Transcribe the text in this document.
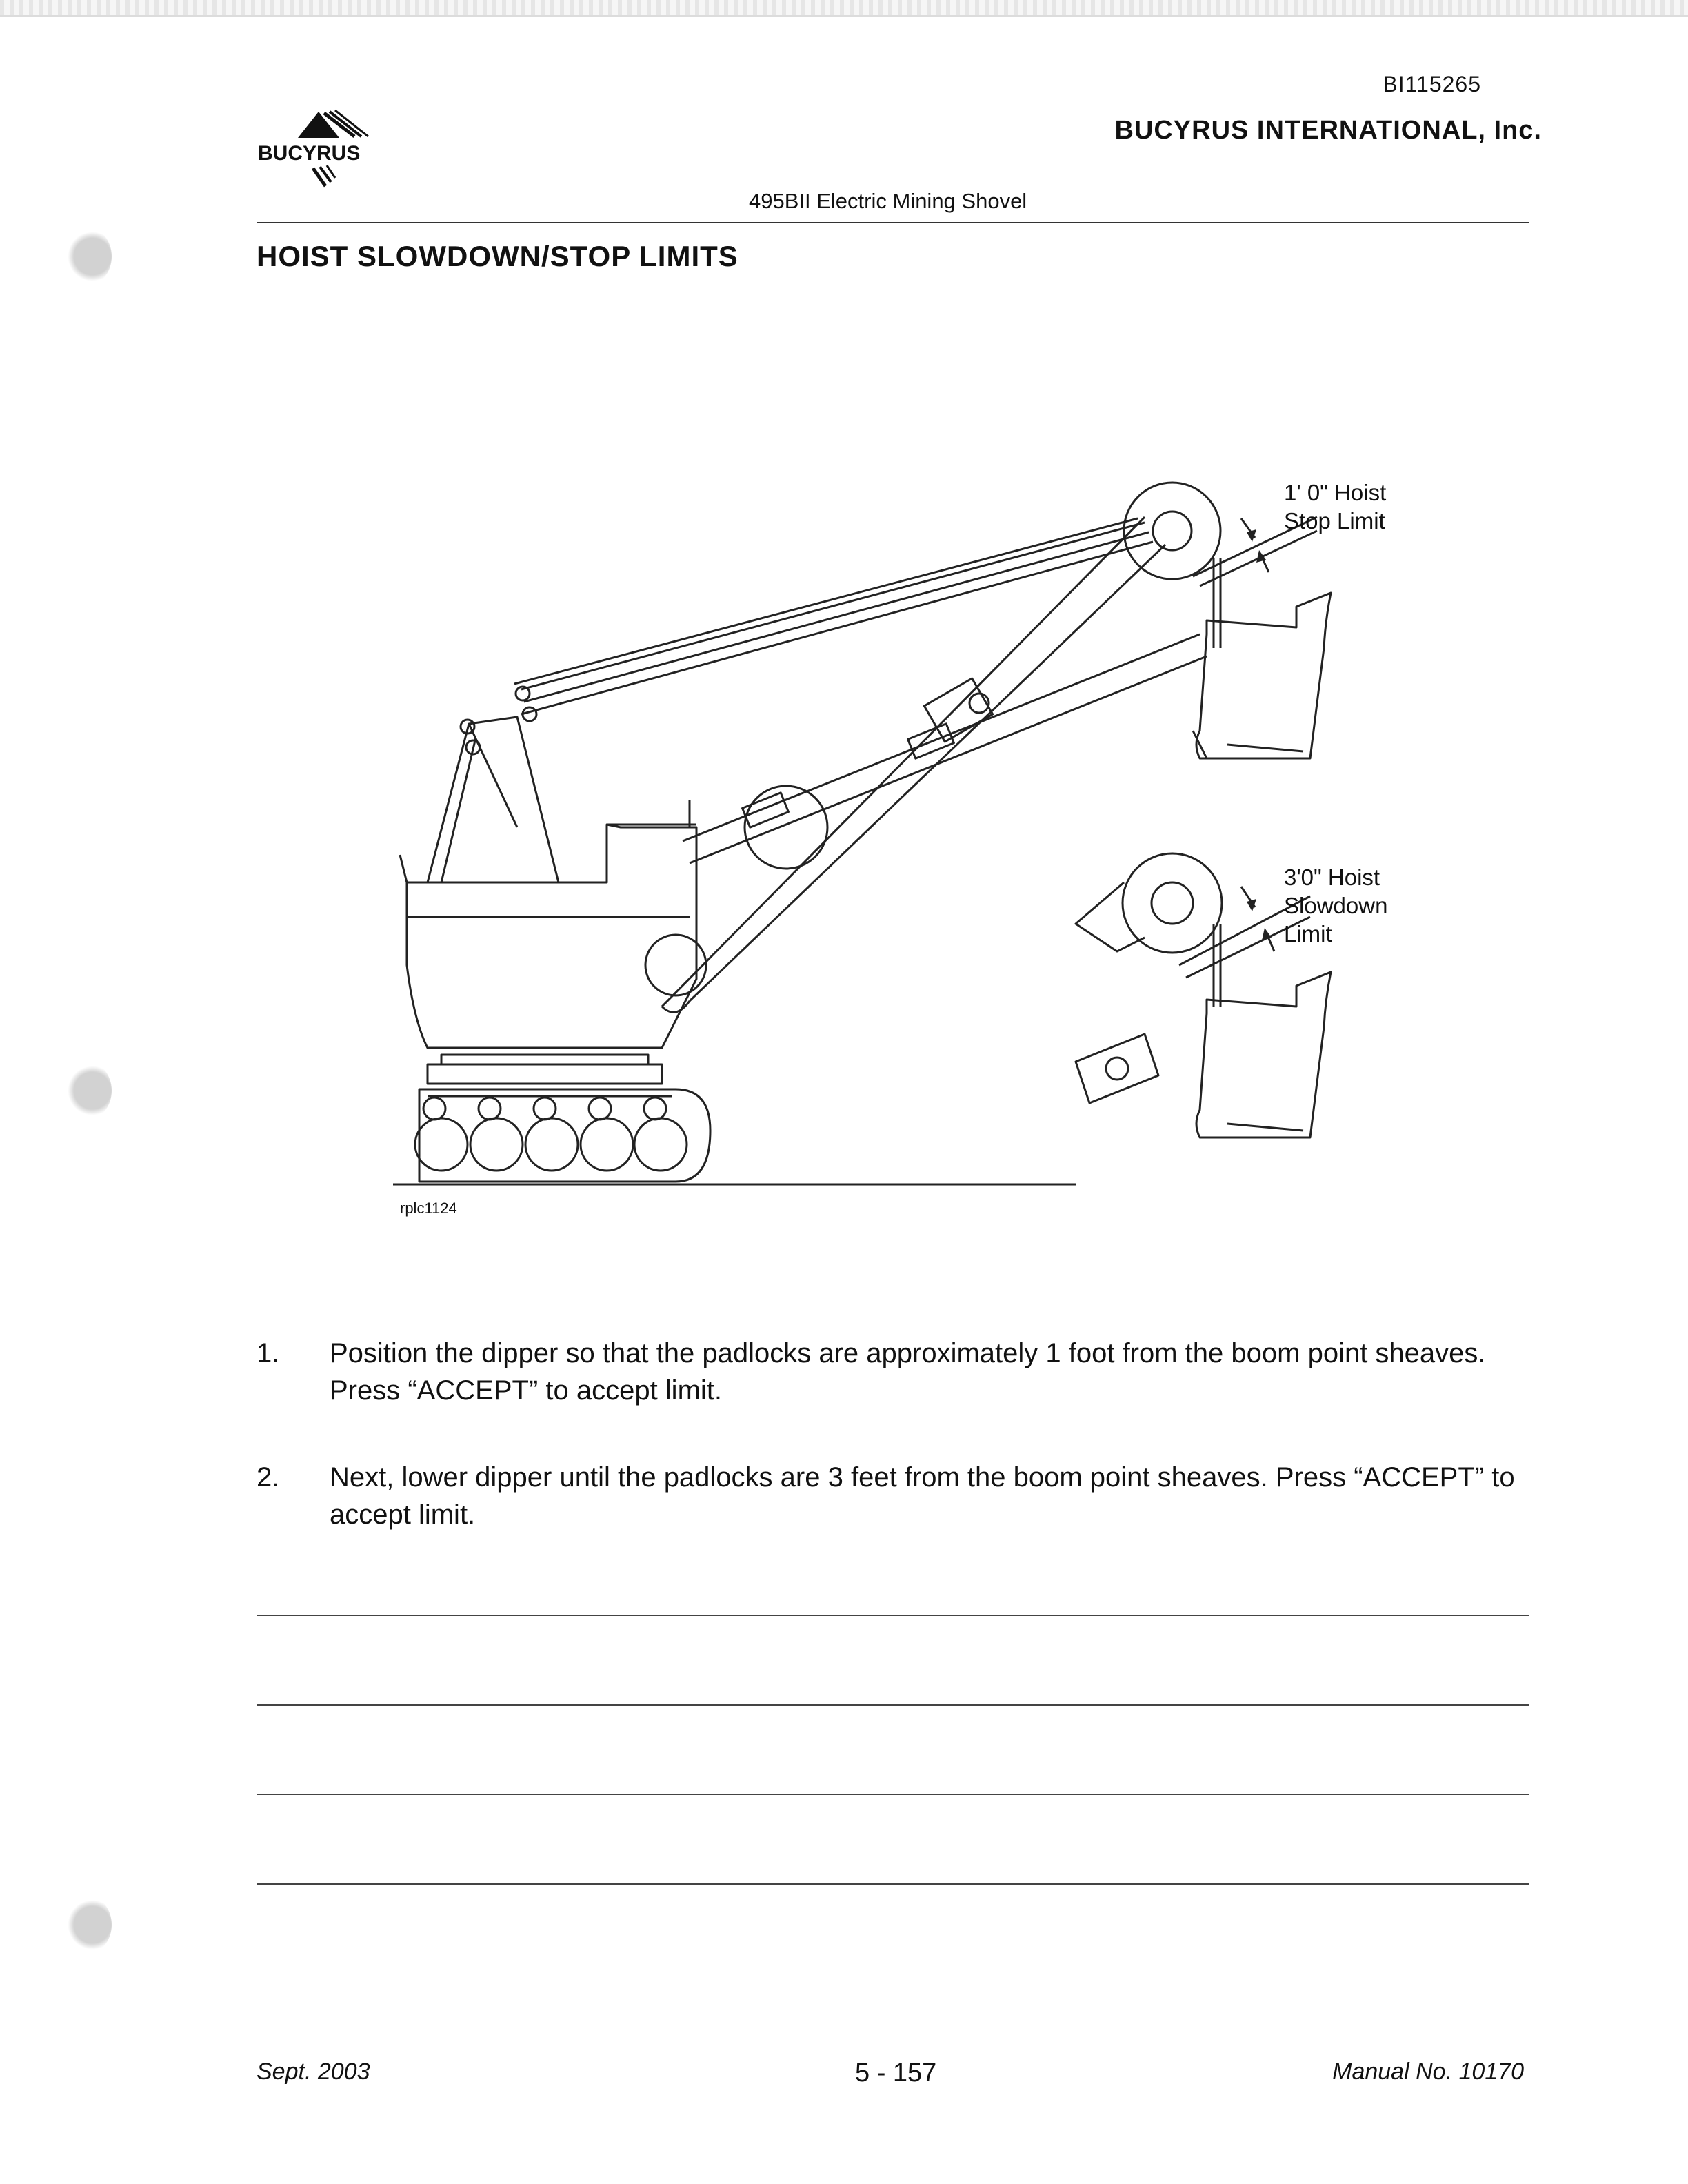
BUCYRUS
BI115265
BUCYRUS INTERNATIONAL, Inc.
495BII Electric Mining Shovel
HOIST SLOWDOWN/STOP LIMITS
1' 0" Hoist
Stop Limit
3'0" Hoist
Slowdown
Limit
rplc1124
1. Position the dipper so that the padlocks are approximately 1 foot from the boom point sheaves. Press “ACCEPT” to accept limit.
2. Next, lower dipper until the padlocks are 3 feet from the boom point sheaves. Press “ACCEPT” to accept limit.
Sept. 2003	5 - 157	Manual No. 10170
